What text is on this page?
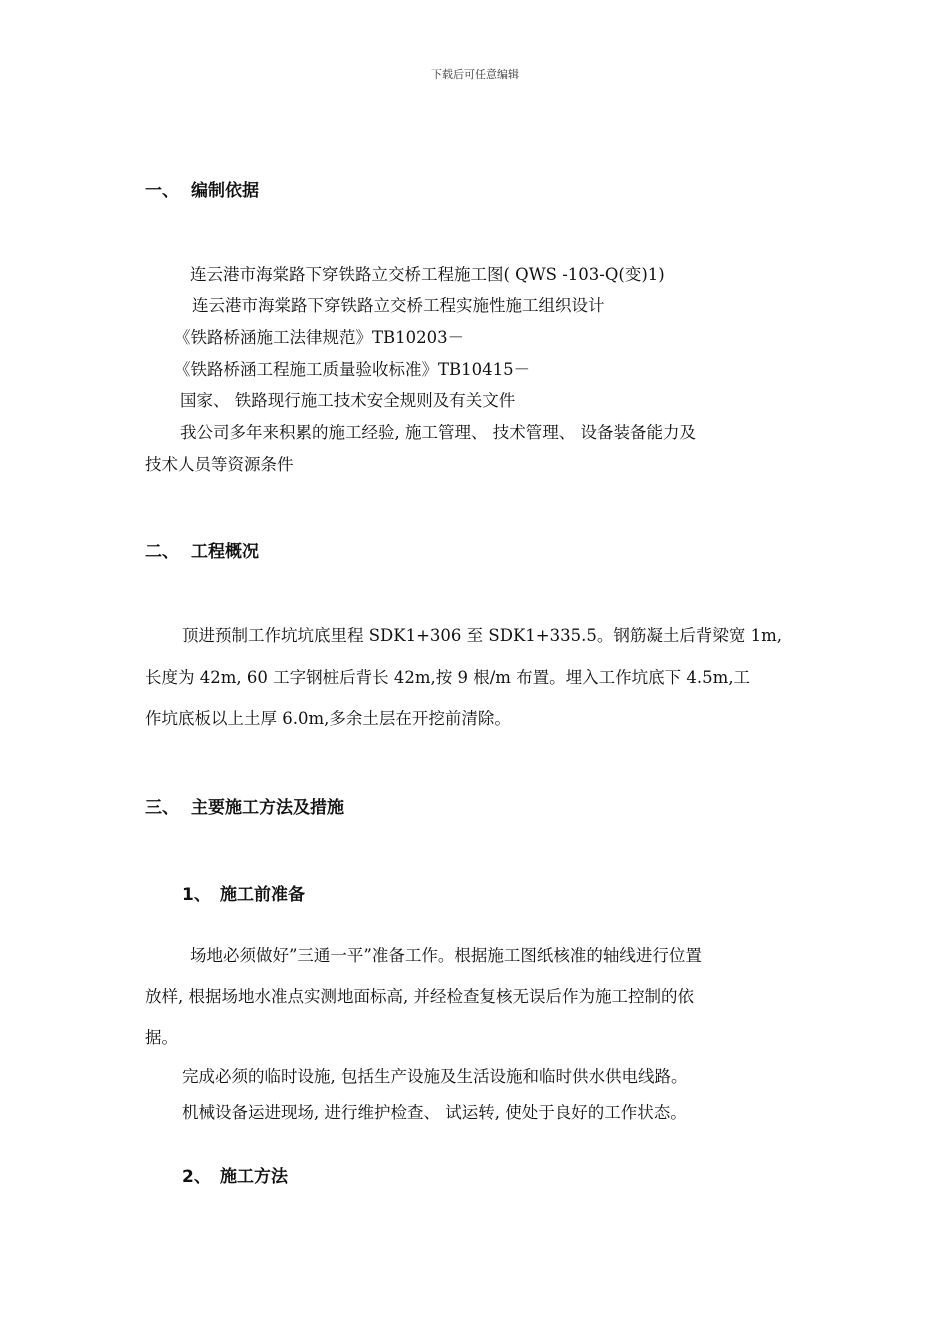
下载后可任意编辑
一、 编制依据
连云港市海棠路下穿铁路立交桥工程施工图( QWS -103-Q(变)1)
连云港市海棠路下穿铁路立交桥工程实施性施工组织设计
《铁路桥涵施工法律规范》TB10203－
《铁路桥涵工程施工质量验收标准》TB10415－
国家、 铁路现行施工技术安全规则及有关文件
我公司多年来积累的施工经验, 施工管理、 技术管理、 设备装备能力及
技术人员等资源条件
二、 工程概况
顶进预制工作坑坑底里程 SDK1+306 至 SDK1+335.5。钢筋凝土后背梁宽 1m,
长度为 42m, 60 工字钢桩后背长 42m,按 9 根/m 布置。埋入工作坑底下 4.5m,工
作坑底板以上土厚 6.0m,多余土层在开挖前清除。
三、 主要施工方法及措施
1、 施工前准备
场地必须做好”三通一平”准备工作。根据施工图纸核准的轴线进行位置
放样, 根据场地水准点实测地面标高, 并经检查复核无误后作为施工控制的依
据。
完成必须的临时设施, 包括生产设施及生活设施和临时供水供电线路。
机械设备运进现场, 进行维护检查、 试运转, 使处于良好的工作状态。
2、 施工方法
